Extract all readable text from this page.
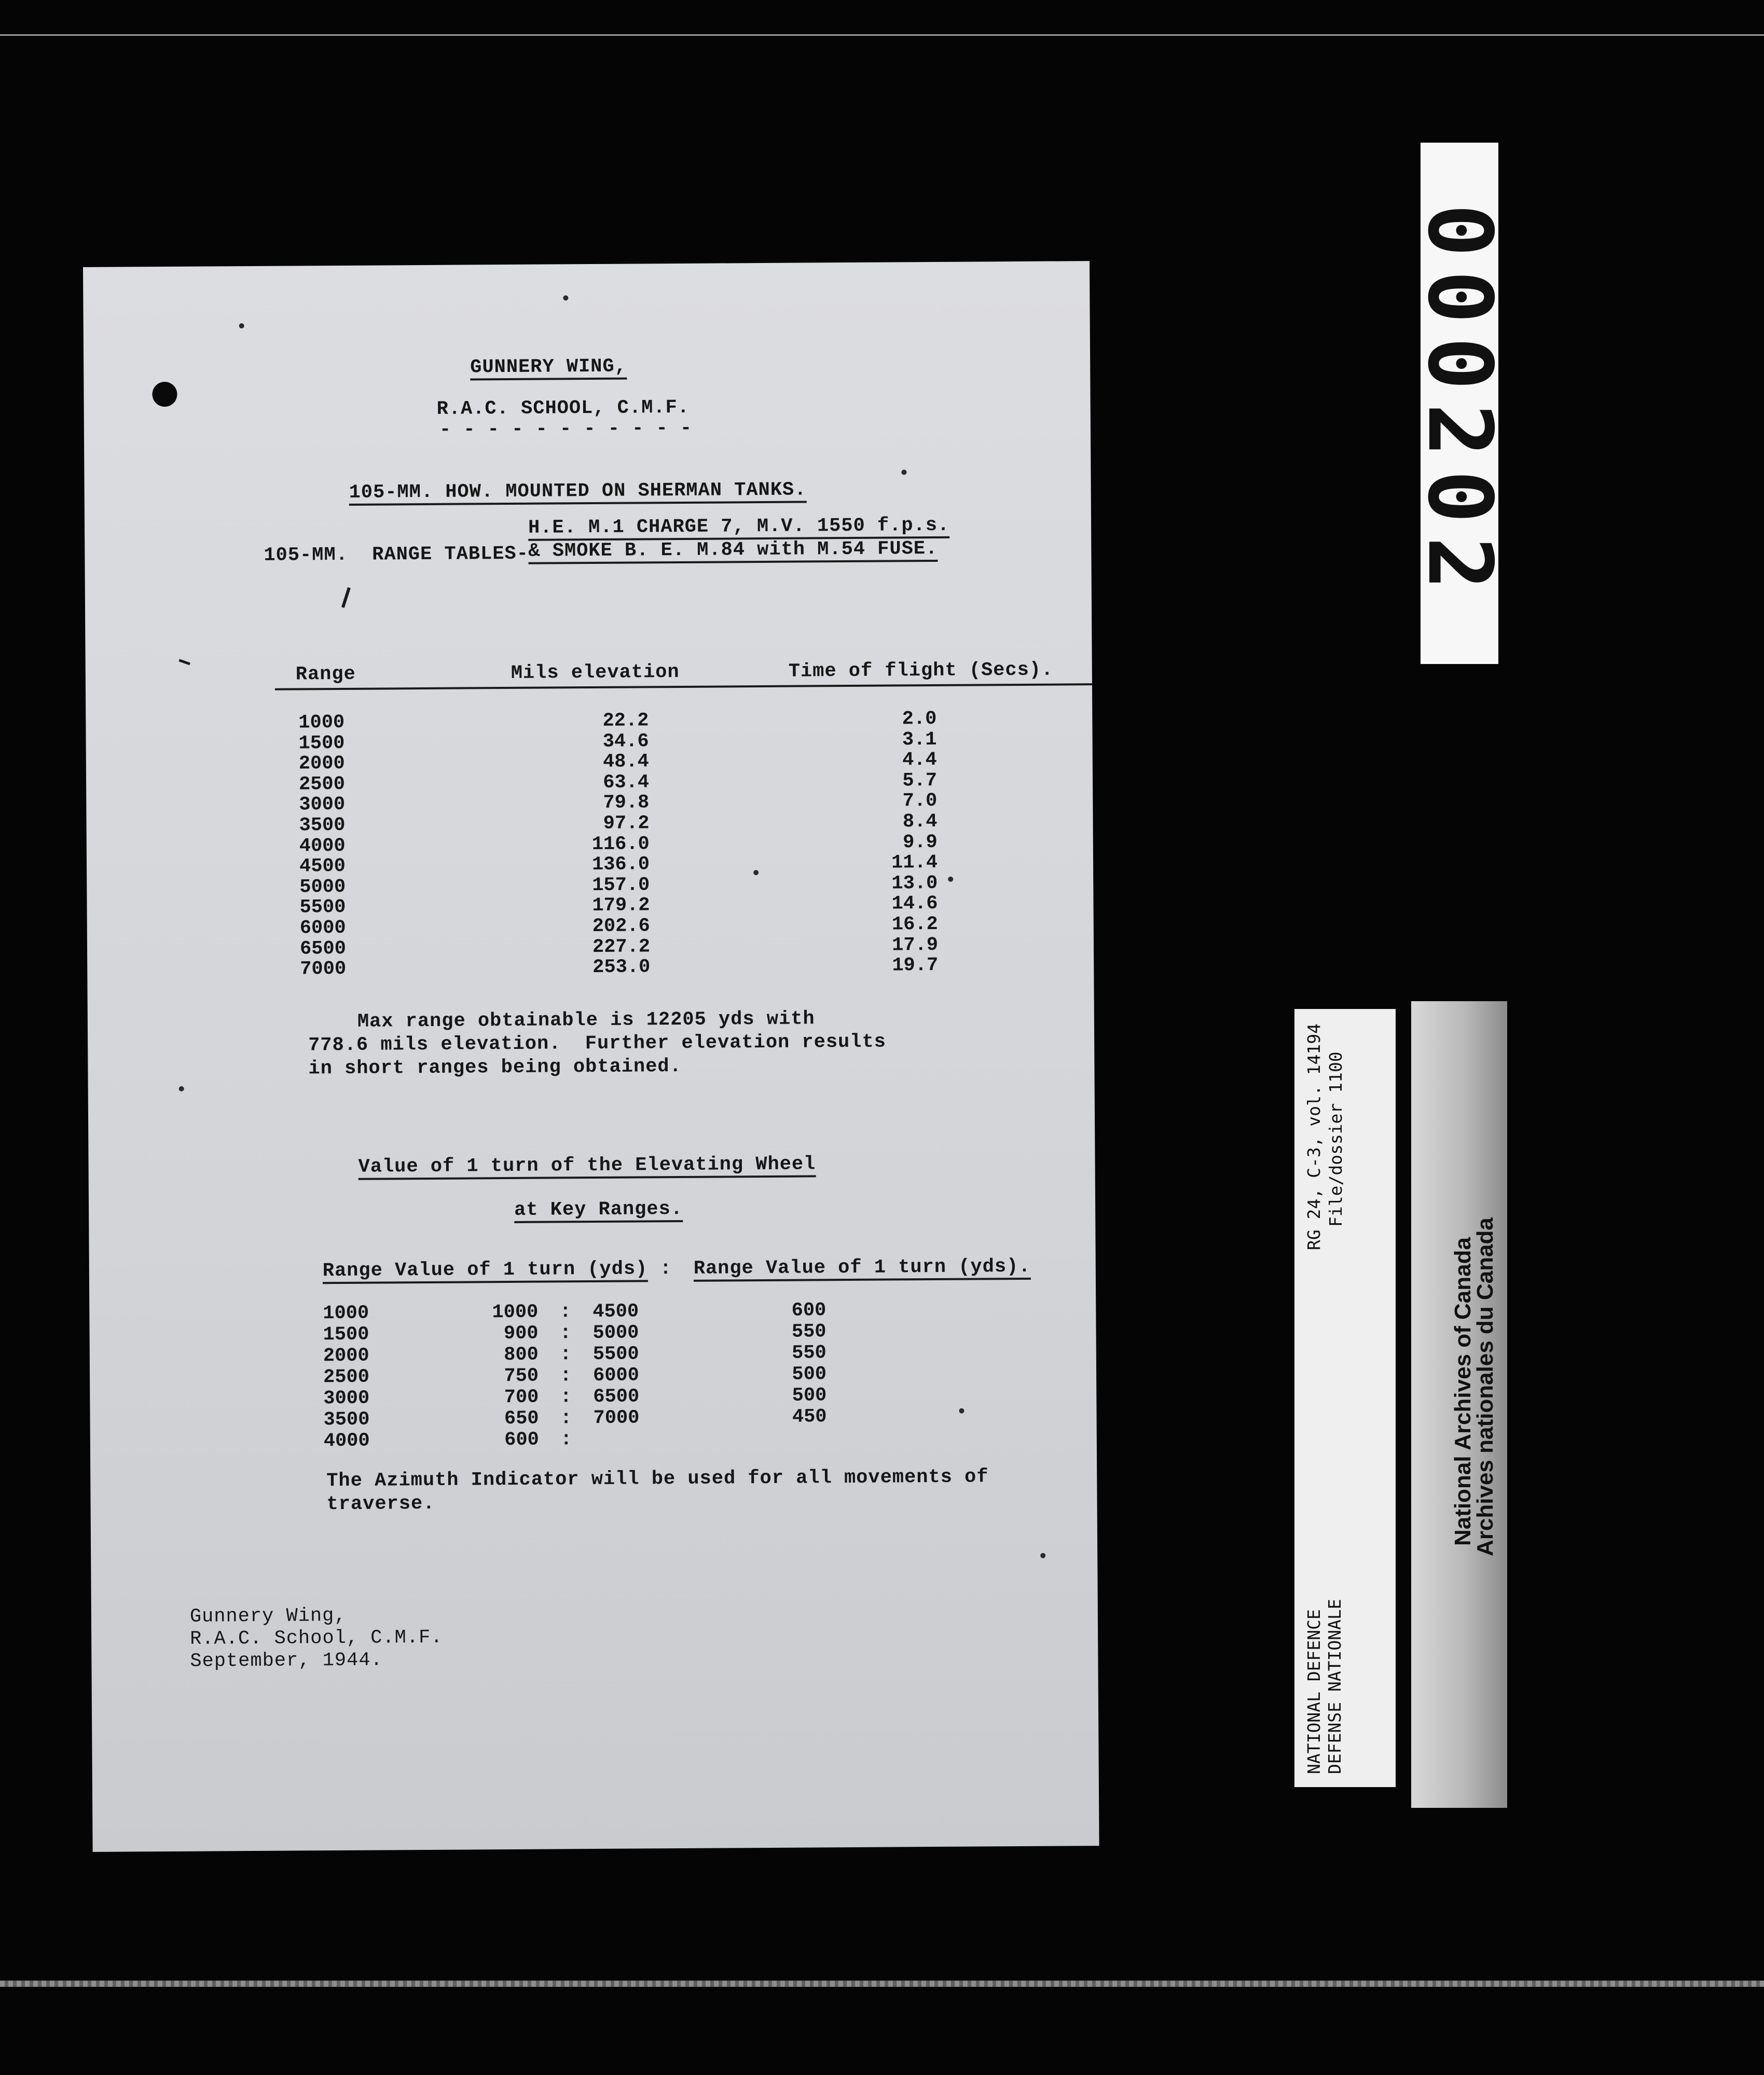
GUNNERY WING,
R.A.C. SCHOOL, C.M.F.
- - - - - - - - - - -
105-MM. HOW. MOUNTED ON SHERMAN TANKS.
H.E. M.1 CHARGE 7, M.V. 1550 f.p.s.
105-MM.  RANGE TABLES- & SMOKE B. E. M.84 with M.54 FUSE.
Range	Mils elevation	Time of flight (Secs).
1000	22.2	2.0
1500	34.6	3.1
2000	48.4	4.4
2500	63.4	5.7
3000	79.8	7.0
3500	97.2	8.4
4000	116.0	9.9
4500	136.0	11.4
5000	157.0	13.0
5500	179.2	14.6
6000	202.6	16.2
6500	227.2	17.9
7000	253.0	19.7
Max range obtainable is 12205 yds with
778.6 mils elevation.  Further elevation results
in short ranges being obtained.
Value of 1 turn of the Elevating Wheel
at Key Ranges.
Range Value of 1 turn (yds) : Range Value of 1 turn (yds).
1000	1000	:	4500	600
1500	900	:	5000	550
2000	800	:	5500	550
2500	750	:	6000	500
3000	700	:	6500	500
3500	650	:	7000	450
4000	600	:		
The Azimuth Indicator will be used for all movements of
traverse.
Gunnery Wing,
R.A.C. School, C.M.F.
September, 1944.
000202
RG 24, C-3, vol. 14194 File/dossier 1100
NATIONAL DEFENCE DEFENSE NATIONALE
National Archives of Canada
Archives nationales du Canada
